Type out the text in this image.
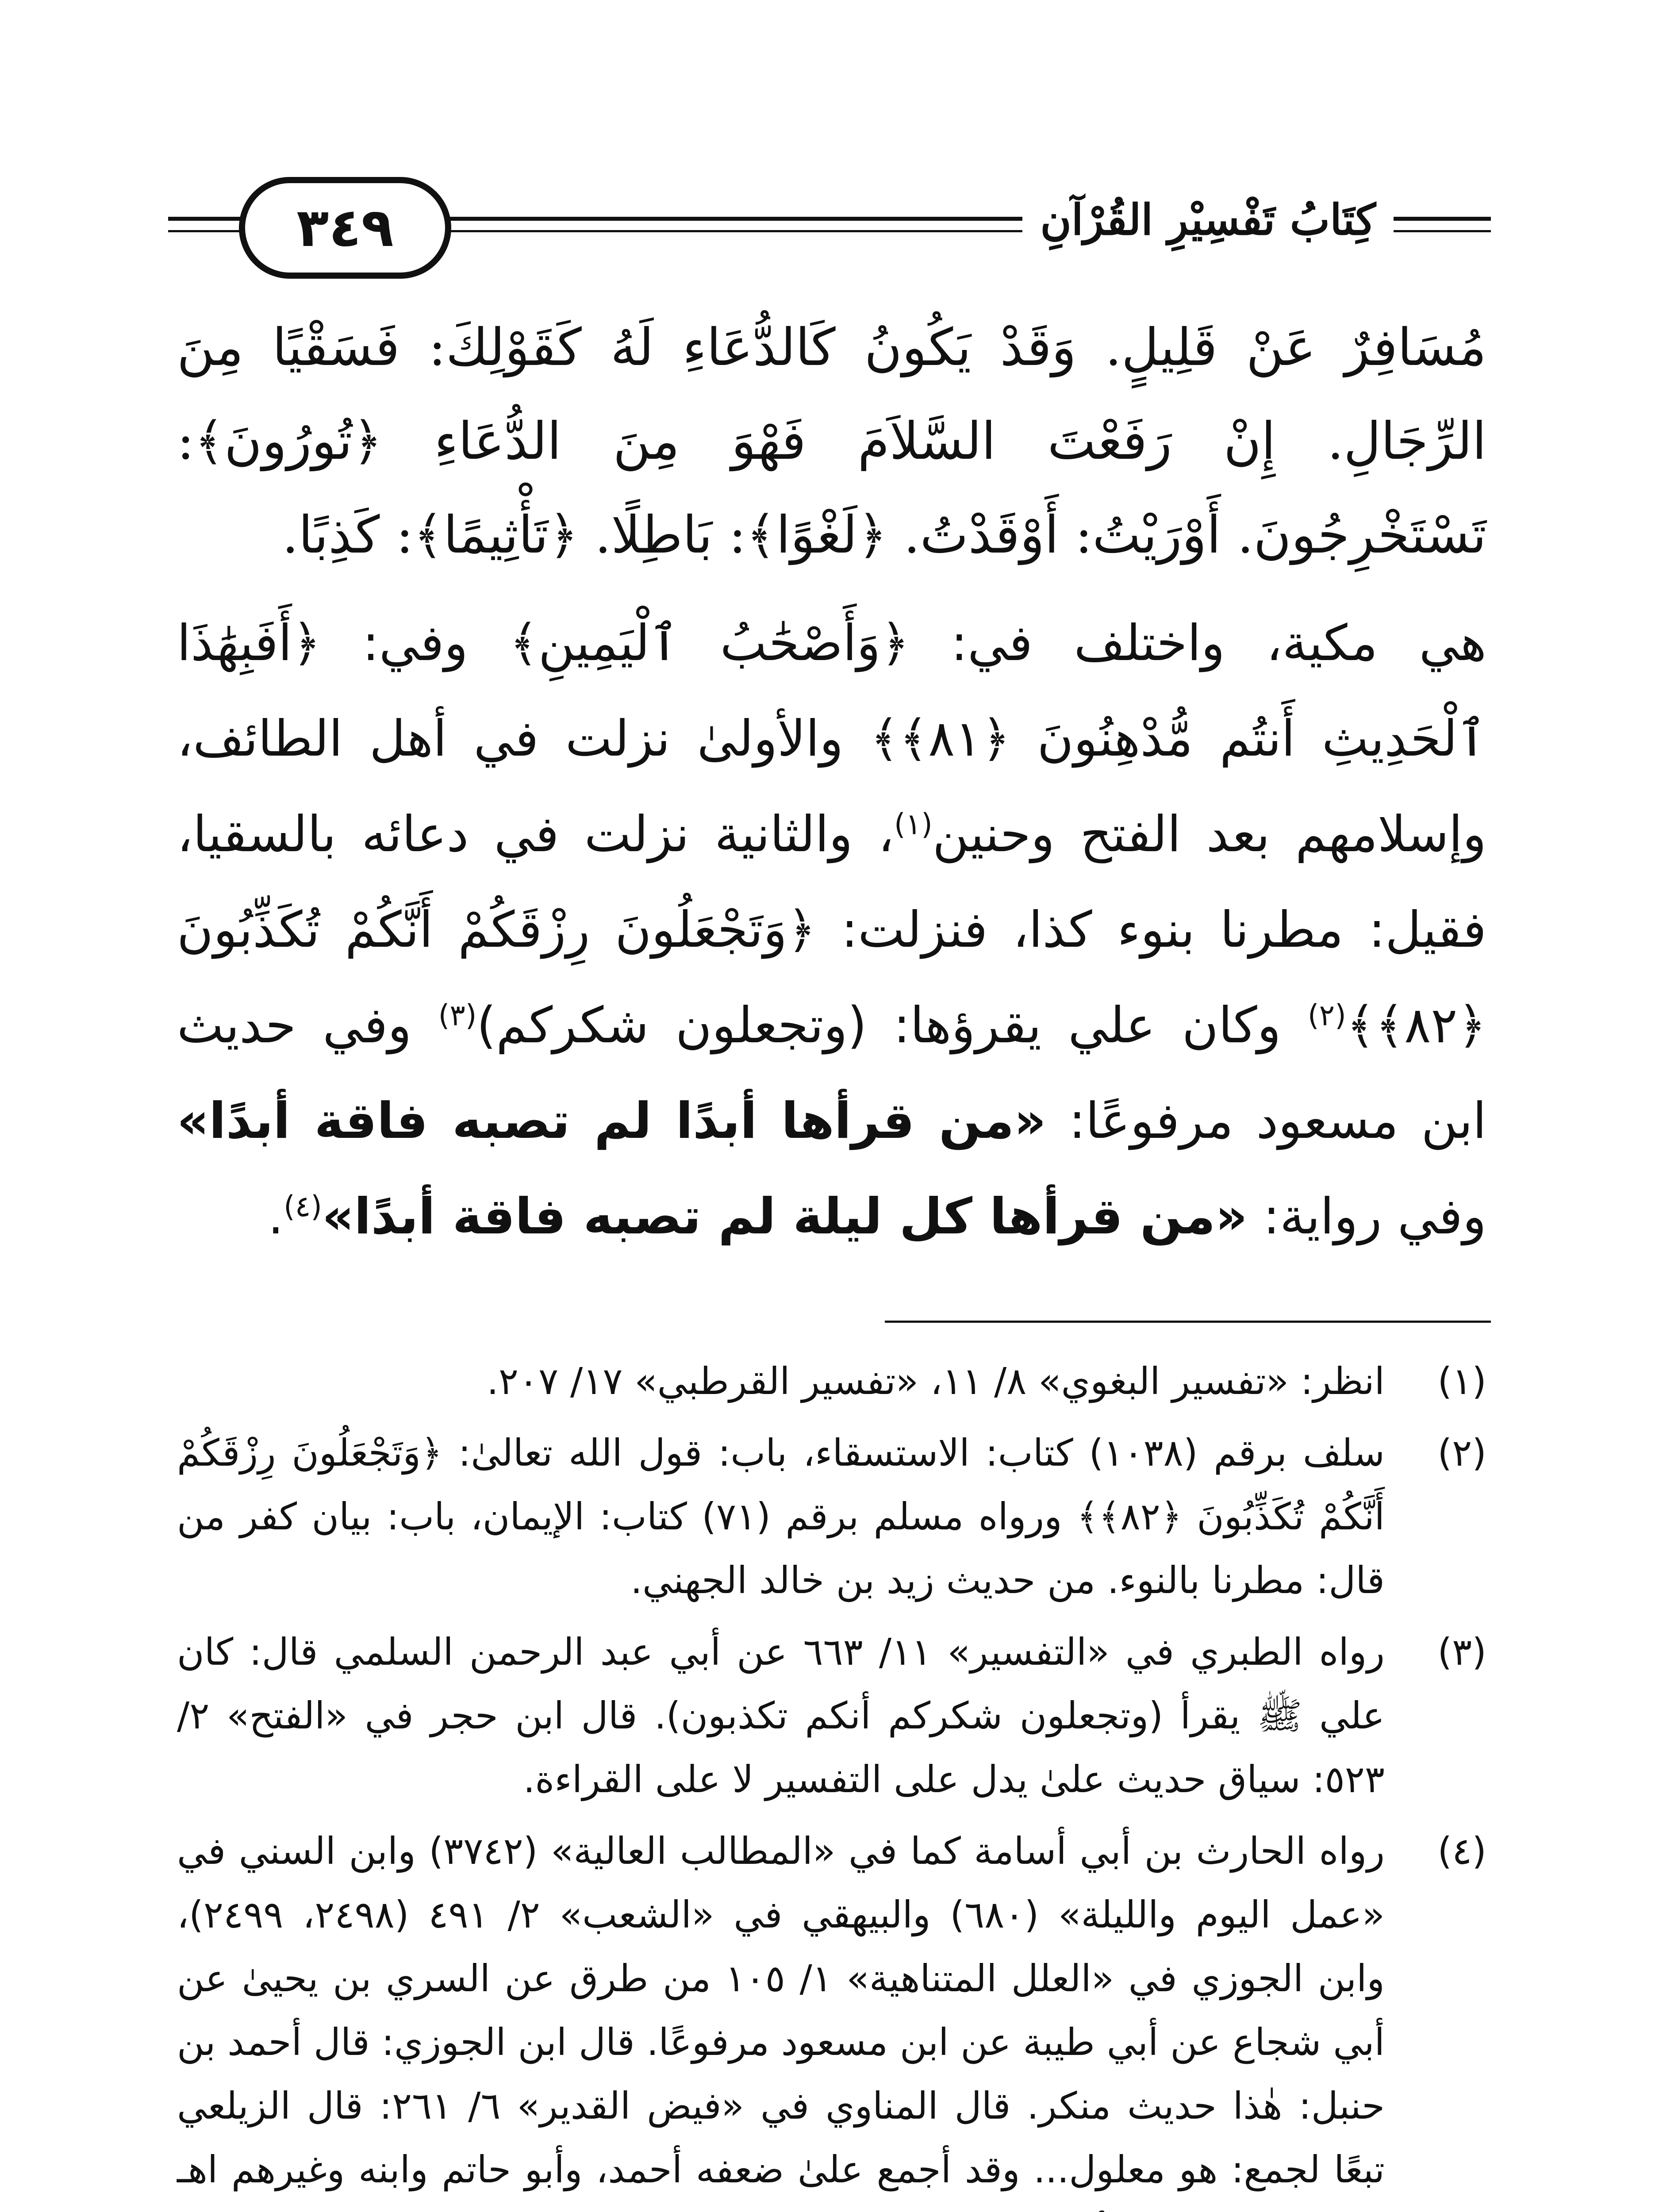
٣٤٩	كِتَابُ تَفْسِيْرِ القُرْآنِ

مُسَافِرٌ عَنْ قَلِيلٍ. وَقَدْ يَكُونُ كَالدُّعَاءِ لَهُ كَقَوْلِكَ: فَسَقْيًا مِنَ الرِّجَالِ. إِنْ رَفَعْتَ السَّلاَمَ فَهْوَ مِنَ الدُّعَاءِ ﴿تُورُونَ﴾: تَسْتَخْرِجُونَ. أَوْرَيْتُ: أَوْقَدْتُ. ﴿لَغْوًا﴾: بَاطِلًا. ﴿تَأْثِيمًا﴾: كَذِبًا.

هي مكية، واختلف في: ﴿وَأَصْحَٰبُ ٱلْيَمِينِ﴾ وفي: ﴿أَفَبِهَٰذَا ٱلْحَدِيثِ أَنتُم مُّدْهِنُونَ ﴿٨١﴾﴾ والأولىٰ نزلت في أهل الطائف، وإسلامهم بعد الفتح وحنين$^{(١)}$، والثانية نزلت في دعائه بالسقيا، فقيل: مطرنا بنوء كذا، فنزلت: ﴿وَتَجْعَلُونَ رِزْقَكُمْ أَنَّكُمْ تُكَذِّبُونَ ﴿٨٢﴾﴾$^{(٢)}$ وكان علي يقرؤها: (وتجعلون شكركم)$^{(٣)}$ وفي حديث ابن مسعود مرفوعًا: «من قرأها أبدًا لم تصبه فاقة أبدًا» وفي رواية: «من قرأها كل ليلة لم تصبه فاقة أبدًا»$^{(٤)}$.

(١)
انظر: «تفسير البغوي» ٨/ ١١، «تفسير القرطبي» ١٧/ ٢٠٧.

(٢)
سلف برقم (١٠٣٨) كتاب: الاستسقاء، باب: قول الله تعالىٰ: ﴿وَتَجْعَلُونَ رِزْقَكُمْ أَنَّكُمْ تُكَذِّبُونَ ﴿٨٢﴾﴾ ورواه مسلم برقم (٧١) كتاب: الإيمان، باب: بيان كفر من قال: مطرنا بالنوء. من حديث زيد بن خالد الجهني.

(٣)
رواه الطبري في «التفسير» ١١/ ٦٦٣ عن أبي عبد الرحمن السلمي قال: كان علي ﷺ يقرأ (وتجعلون شكركم أنكم تكذبون). قال ابن حجر في «الفتح» ٢/ ٥٢٣: سياق حديث علىٰ يدل على التفسير لا على القراءة.

(٤)
رواه الحارث بن أبي أسامة كما في «المطالب العالية» (٣٧٤٢) وابن السني في «عمل اليوم والليلة» (٦٨٠) والبيهقي في «الشعب» ٢/ ٤٩١ (٢٤٩٨، ٢٤٩٩)، وابن الجوزي في «العلل المتناهية» ١/ ١٠٥ من طرق عن السري بن يحيىٰ عن أبي شجاع عن أبي طيبة عن ابن مسعود مرفوعًا. قال ابن الجوزي: قال أحمد بن حنبل: هٰذا حديث منكر. قال المناوي في «فيض القدير» ٦/ ٢٦١: قال الزيلعي تبعًا لجمع: هو معلول... وقد أجمع علىٰ ضعفه أحمد، وأبو حاتم وابنه وغيرهم اهـ
